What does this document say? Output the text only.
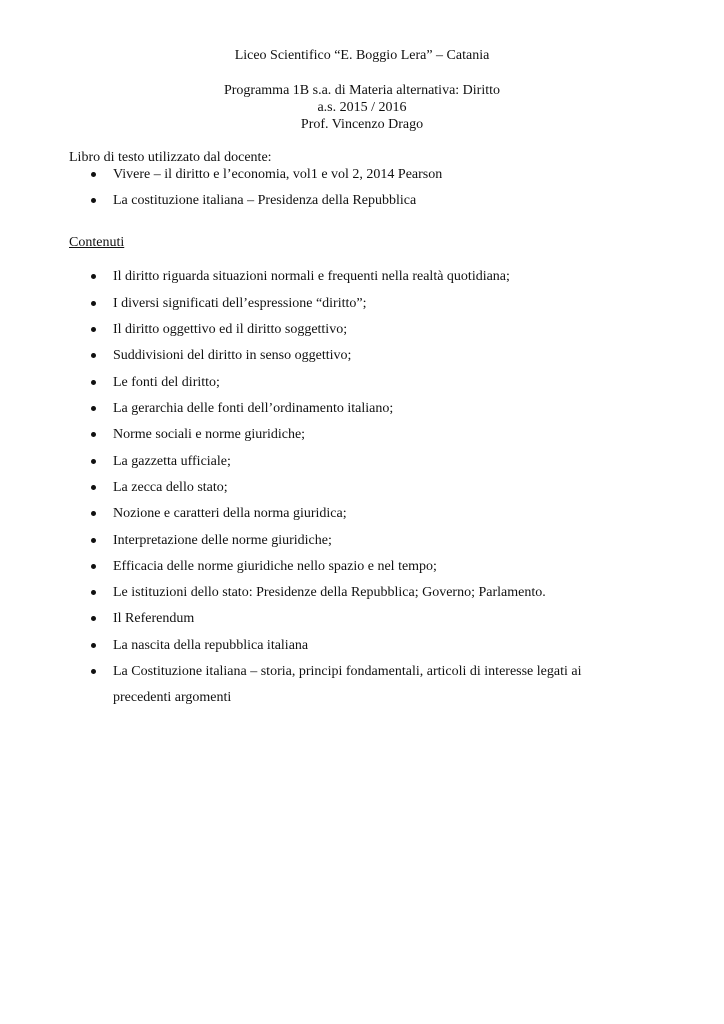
Liceo Scientifico “E. Boggio Lera” – Catania
Programma 1B s.a. di Materia alternativa: Diritto
a.s. 2015 / 2016
Prof. Vincenzo Drago
Libro di testo utilizzato dal docente:
Vivere – il diritto e l’economia, vol1 e vol 2, 2014 Pearson
La costituzione italiana – Presidenza della Repubblica
Contenuti
Il diritto riguarda situazioni normali e frequenti nella realtà quotidiana;
I diversi significati dell’espressione “diritto”;
Il diritto oggettivo ed il diritto soggettivo;
Suddivisioni del diritto in senso oggettivo;
Le fonti del diritto;
La gerarchia delle fonti dell’ordinamento italiano;
Norme sociali e norme giuridiche;
La gazzetta ufficiale;
La zecca dello stato;
Nozione e caratteri della norma giuridica;
Interpretazione delle norme giuridiche;
Efficacia delle norme giuridiche nello spazio e nel tempo;
Le istituzioni dello stato: Presidenze della Repubblica; Governo; Parlamento.
Il Referendum
La nascita della repubblica italiana
La Costituzione italiana – storia, principi fondamentali, articoli di interesse legati ai
precedenti argomenti
